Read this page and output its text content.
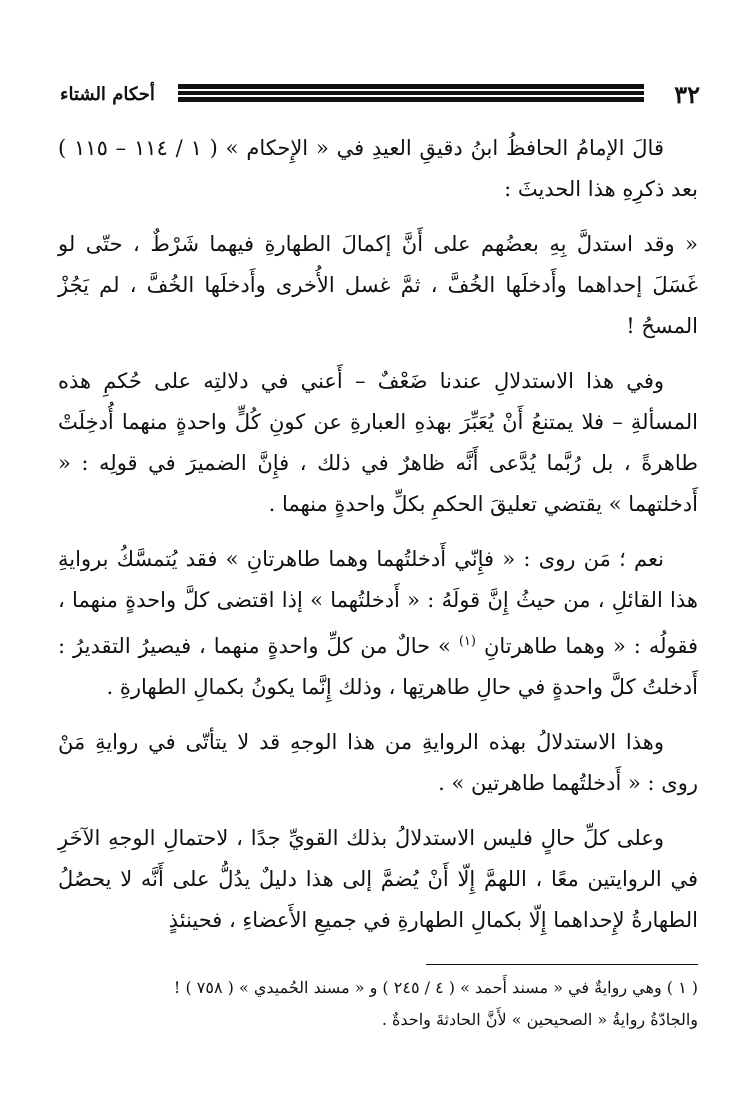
٣٢
أحكام الشتاء

قالَ الإمامُ الحافظُ ابنُ دقيقِ العيدِ في « الإِحكام » ( ١ / ١١٤ – ١١٥ ) بعد ذكرِهِ هذا الحديثَ :

« وقد استدلَّ بِهِ بعضُهم على أَنَّ إكمالَ الطهارةِ فيهما شَرْطٌ ، حتّى لو غَسَلَ إحداهما وأَدخلَها الخُفَّ ، ثمَّ غسل الأُخرى وأَدخلَها الخُفَّ ، لم يَجُزْ المسحُ !

وفي هذا الاستدلالِ عندنا ضَعْفٌ – أَعني في دلالتِه على حُكمِ هذه المسألةِ – فلا يمتنعُ أَنْ يُعَبِّرَ بهذهِ العبارةِ عن كونِ كُلٍّ واحدةٍ منهما أُدخِلَتْ طاهرةً ، بل رُبَّما يُدَّعى أَنَّه ظاهرٌ في ذلك ، فإِنَّ الضميرَ في قولِه : « أَدخلتهما » يقتضي تعليقَ الحكمِ بكلِّ واحدةٍ منهما .

نعم ؛ مَن روى : « فإِنّي أَدخلتُهما وهما طاهرتانِ » فقد يُتمسَّكُ بروايةِ هذا القائلِ ، من حيثُ إِنَّ قولَهُ : « أَدخلتُهما » إذا اقتضى كلَّ واحدةٍ منهما ، فقولُه : « وهما طاهرتانِ $^{(١)}$ » حالٌ من كلِّ واحدةٍ منهما ، فيصيرُ التقديرُ : أَدخلتُ كلَّ واحدةٍ في حالِ طاهرتِها ، وذلك إِنَّما يكونُ بكمالِ الطهارةِ .

وهذا الاستدلالُ بهذه الروايةِ من هذا الوجهِ قد لا يتأتّى في روايةِ مَنْ روى : « أَدخلتُهما طاهرتين » .

وعلى كلِّ حالٍ فليس الاستدلالُ بذلك القويِّ جدًا ، لاحتمالِ الوجهِ الآخَرِ في الروايتين معًا ، اللهمَّ إِلّا أَنْ يُضمَّ إلى هذا دليلٌ يدُلُّ على أَنَّه لا يحصُلُ الطهارةُ لإِحداهما إِلّا بكمالِ الطهارةِ في جميعِ الأَعضاءِ ، فحينئذٍ

( ١ ) وهي روايةٌ في « مسند أَحمد » ( ٤ / ٢٤٥ ) و « مسند الحُميدي » ( ٧٥٨ ) !

والجادّةُ روايةُ « الصحيحين » لأَنَّ الحادثةَ واحدةٌ .
